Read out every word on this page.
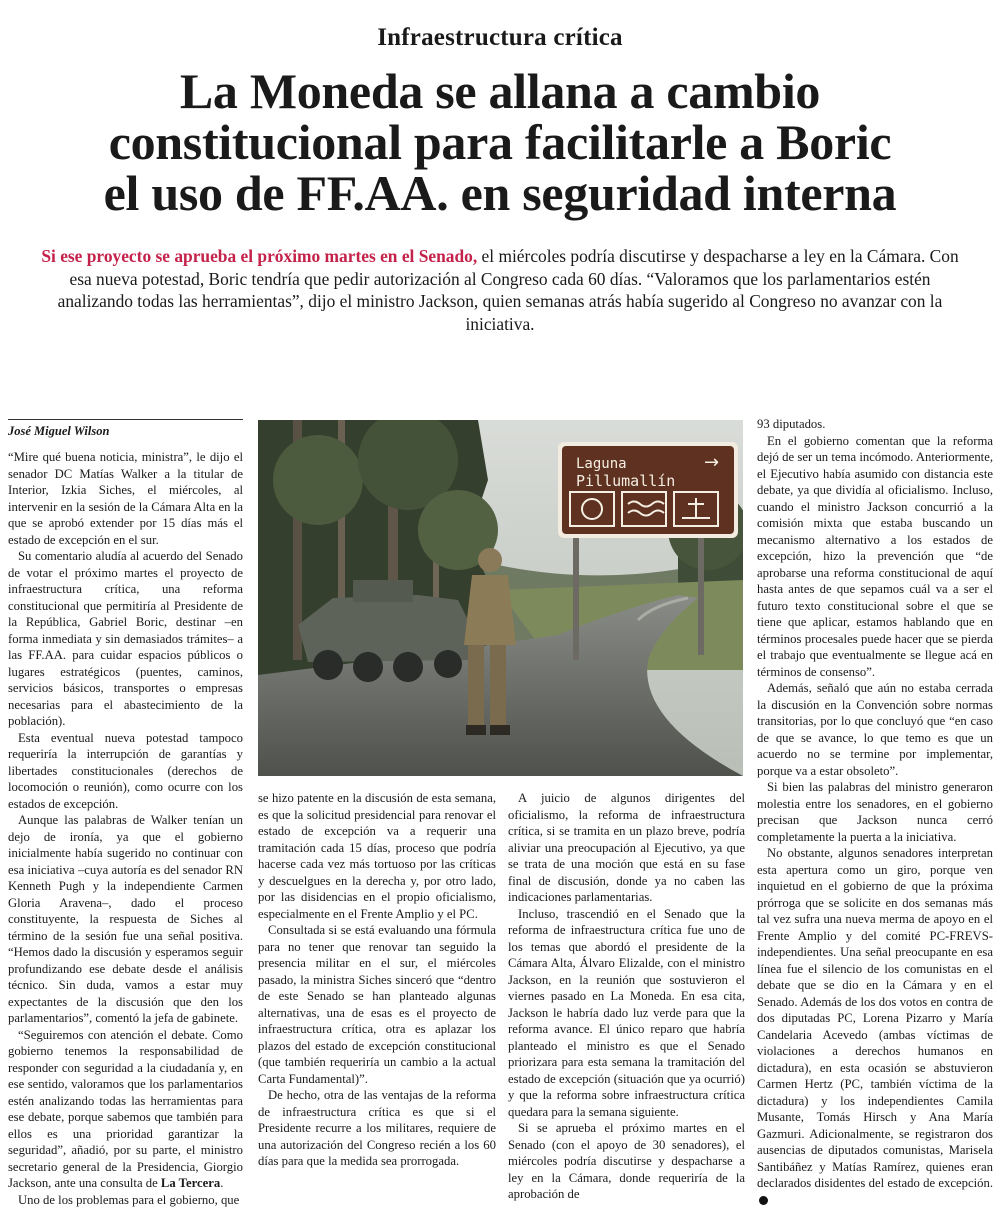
Infraestructura crítica
La Moneda se allana a cambio
constitucional para facilitarle a Boric
el uso de FF.AA. en seguridad interna
Si ese proyecto se aprueba el próximo martes en el Senado, el miércoles podría discutirse y despacharse a ley en la Cámara. Con esa nueva potestad, Boric tendría que pedir autorización al Congreso cada 60 días. “Valoramos que los parlamentarios estén analizando todas las herramientas”, dijo el ministro Jackson, quien semanas atrás había sugerido al Congreso no avanzar con la iniciativa.
José Miguel Wilson

“Mire qué buena noticia, ministra”, le dijo el senador DC Matías Walker a la titular de Interior, Izkia Siches, el miércoles, al intervenir en la sesión de la Cámara Alta en la que se aprobó extender por 15 días más el estado de excepción en el sur.

Su comentario aludía al acuerdo del Senado de votar el próximo martes el proyecto de infraestructura crítica, una reforma constitucional que permitiría al Presidente de la República, Gabriel Boric, destinar –en forma inmediata y sin demasiados trámites– a las FF.AA. para cuidar espacios públicos o lugares estratégicos (puentes, caminos, servicios básicos, transportes o empresas necesarias para el abastecimiento de la población).

Esta eventual nueva potestad tampoco requeriría la interrupción de garantías y libertades constitucionales (derechos de locomoción o reunión), como ocurre con los estados de excepción.

Aunque las palabras de Walker tenían un dejo de ironía, ya que el gobierno inicialmente había sugerido no continuar con esa iniciativa –cuya autoría es del senador RN Kenneth Pugh y la independiente Carmen Gloria Aravena–, dado el proceso constituyente, la respuesta de Siches al término de la sesión fue una señal positiva. “Hemos dado la discusión y esperamos seguir profundizando ese debate desde el análisis técnico. Sin duda, vamos a estar muy expectantes de la discusión que den los parlamentarios”, comentó la jefa de gabinete.

“Seguiremos con atención el debate. Como gobierno tenemos la responsabilidad de responder con seguridad a la ciudadanía y, en ese sentido, valoramos que los parlamentarios estén analizando todas las herramientas para ese debate, porque sabemos que también para ellos es una prioridad garantizar la seguridad”, añadió, por su parte, el ministro secretario general de la Presidencia, Giorgio Jackson, ante una consulta de La Tercera.

Uno de los problemas para el gobierno, que

Laguna
Pillumallín
→

se hizo patente en la discusión de esta semana, es que la solicitud presidencial para renovar el estado de excepción va a requerir una tramitación cada 15 días, proceso que podría hacerse cada vez más tortuoso por las críticas y descuelgues en la derecha y, por otro lado, por las disidencias en el propio oficialismo, especialmente en el Frente Amplio y el PC.

Consultada si se está evaluando una fórmula para no tener que renovar tan seguido la presencia militar en el sur, el miércoles pasado, la ministra Siches sinceró que “dentro de este Senado se han planteado algunas alternativas, una de esas es el proyecto de infraestructura crítica, otra es aplazar los plazos del estado de excepción constitucional (que también requeriría un cambio a la actual Carta Fundamental)”.

De hecho, otra de las ventajas de la reforma de infraestructura crítica es que si el Presidente recurre a los militares, requiere de una autorización del Congreso recién a los 60 días para que la medida sea prorrogada.

A juicio de algunos dirigentes del oficialismo, la reforma de infraestructura crítica, si se tramita en un plazo breve, podría aliviar una preocupación al Ejecutivo, ya que se trata de una moción que está en su fase final de discusión, donde ya no caben las indicaciones parlamentarias.

Incluso, trascendió en el Senado que la reforma de infraestructura crítica fue uno de los temas que abordó el presidente de la Cámara Alta, Álvaro Elizalde, con el ministro Jackson, en la reunión que sostuvieron el viernes pasado en La Moneda. En esa cita, Jackson le habría dado luz verde para que la reforma avance. El único reparo que habría planteado el ministro es que el Senado priorizara para esta semana la tramitación del estado de excepción (situación que ya ocurrió) y que la reforma sobre infraestructura crítica quedara para la semana siguiente.

Si se aprueba el próximo martes en el Senado (con el apoyo de 30 senadores), el miércoles podría discutirse y despacharse a ley en la Cámara, donde requeriría de la aprobación de

93 diputados.

En el gobierno comentan que la reforma dejó de ser un tema incómodo. Anteriormente, el Ejecutivo había asumido con distancia este debate, ya que dividía al oficialismo. Incluso, cuando el ministro Jackson concurrió a la comisión mixta que estaba buscando un mecanismo alternativo a los estados de excepción, hizo la prevención que “de aprobarse una reforma constitucional de aquí hasta antes de que sepamos cuál va a ser el futuro texto constitucional sobre el que se tiene que aplicar, estamos hablando que en términos procesales puede hacer que se pierda el trabajo que eventualmente se llegue acá en términos de consenso”.

Además, señaló que aún no estaba cerrada la discusión en la Convención sobre normas transitorias, por lo que concluyó que “en caso de que se avance, lo que temo es que un acuerdo no se termine por implementar, porque va a estar obsoleto”.

Si bien las palabras del ministro generaron molestia entre los senadores, en el gobierno precisan que Jackson nunca cerró completamente la puerta a la iniciativa.

No obstante, algunos senadores interpretan esta apertura como un giro, porque ven inquietud en el gobierno de que la próxima prórroga que se solicite en dos semanas más tal vez sufra una nueva merma de apoyo en el Frente Amplio y del comité PC-FREVS-independientes. Una señal preocupante en esa línea fue el silencio de los comunistas en el debate que se dio en la Cámara y en el Senado. Además de los dos votos en contra de dos diputadas PC, Lorena Pizarro y María Candelaria Acevedo (ambas víctimas de violaciones a derechos humanos en dictadura), en esta ocasión se abstuvieron Carmen Hertz (PC, también víctima de la dictadura) y los independientes Camila Musante, Tomás Hirsch y Ana María Gazmuri. Adicionalmente, se registraron dos ausencias de diputados comunistas, Marisela Santibáñez y Matías Ramírez, quienes eran declarados disidentes del estado de excepción.
